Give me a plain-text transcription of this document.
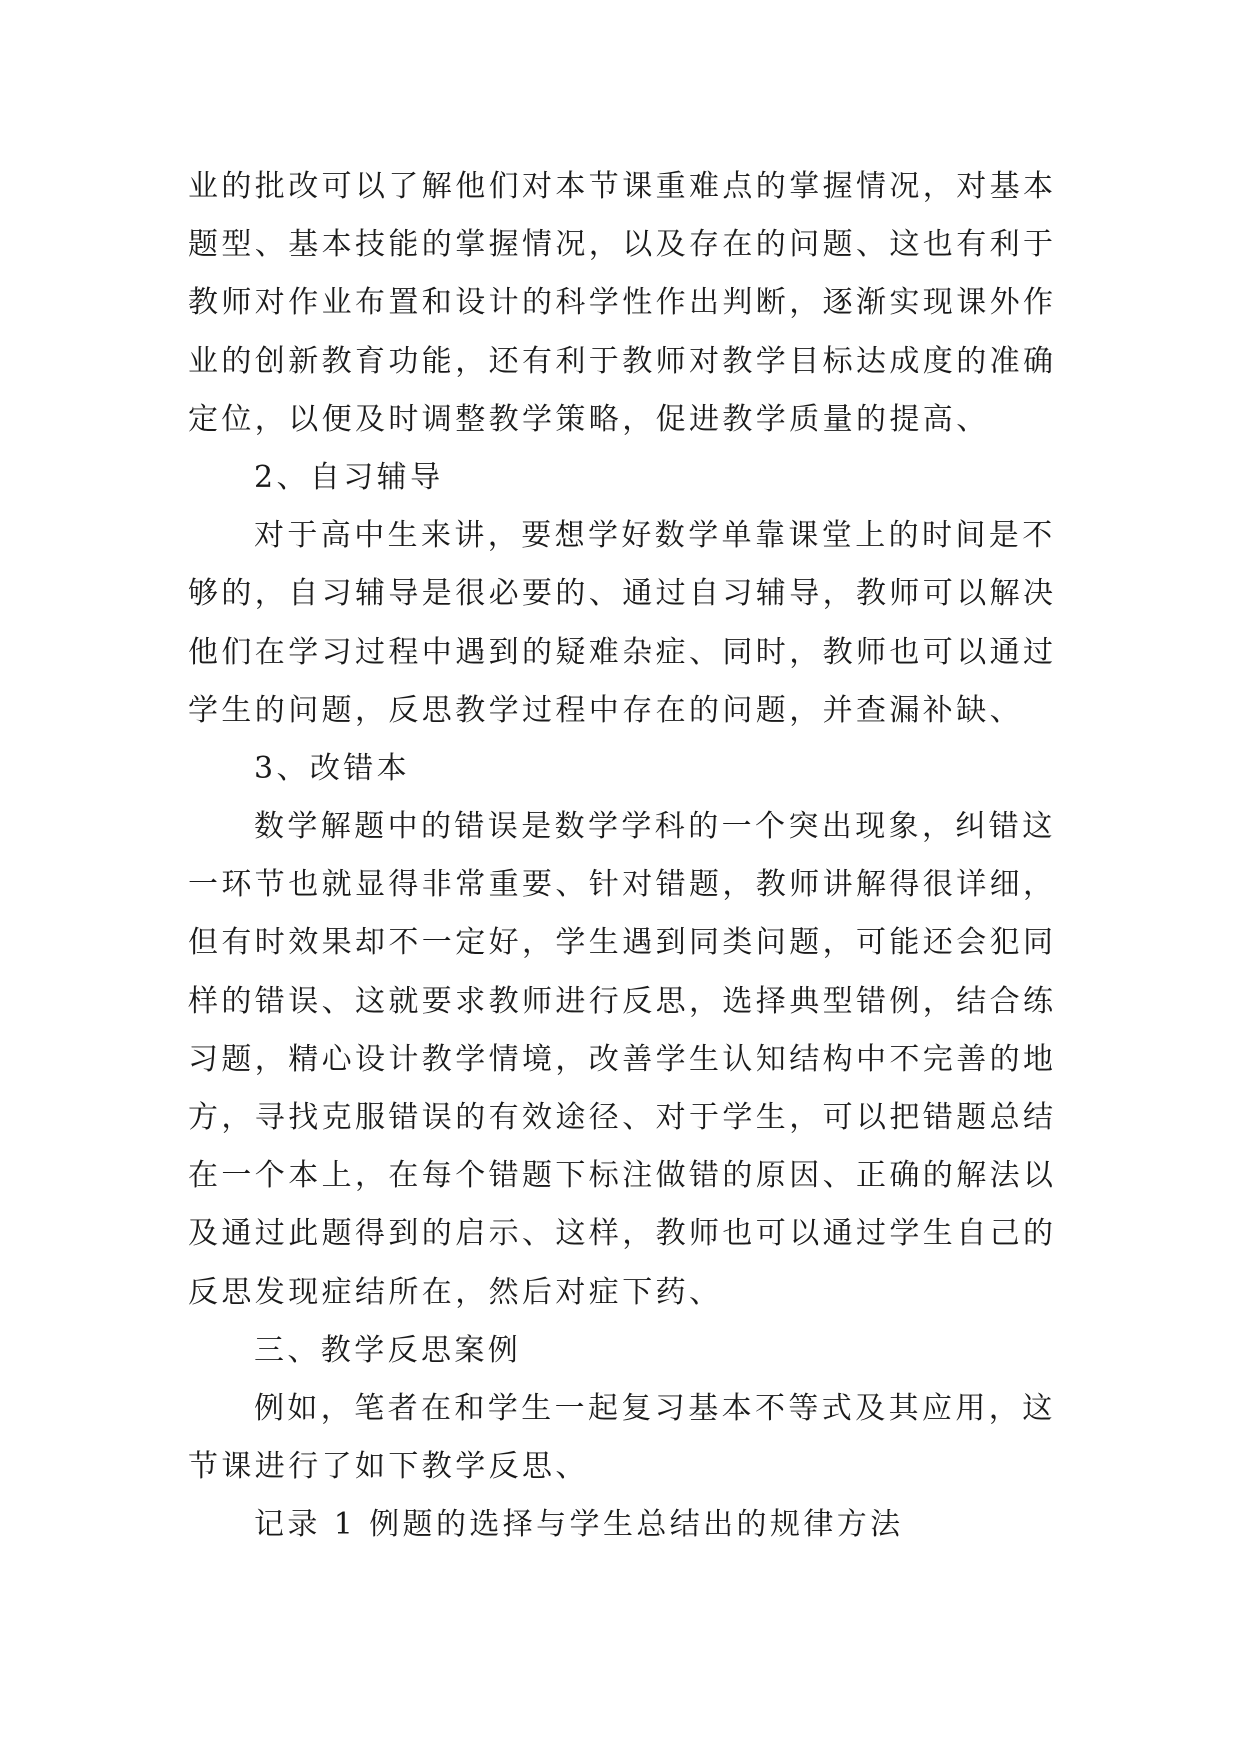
业的批改可以了解他们对本节课重难点的掌握情况，对基本
题型、基本技能的掌握情况，以及存在的问题、这也有利于
教师对作业布置和设计的科学性作出判断，逐渐实现课外作
业的创新教育功能，还有利于教师对教学目标达成度的准确
定位，以便及时调整教学策略，促进教学质量的提高、
2、自习辅导
对于高中生来讲，要想学好数学单靠课堂上的时间是不
够的，自习辅导是很必要的、通过自习辅导，教师可以解决
他们在学习过程中遇到的疑难杂症、同时，教师也可以通过
学生的问题，反思教学过程中存在的问题，并查漏补缺、
3、改错本
数学解题中的错误是数学学科的一个突出现象，纠错这
一环节也就显得非常重要、针对错题，教师讲解得很详细，
但有时效果却不一定好，学生遇到同类问题，可能还会犯同
样的错误、这就要求教师进行反思，选择典型错例，结合练
习题，精心设计教学情境，改善学生认知结构中不完善的地
方，寻找克服错误的有效途径、对于学生，可以把错题总结
在一个本上，在每个错题下标注做错的原因、正确的解法以
及通过此题得到的启示、这样，教师也可以通过学生自己的
反思发现症结所在，然后对症下药、
三、教学反思案例
例如，笔者在和学生一起复习基本不等式及其应用，这
节课进行了如下教学反思、
记录 1 例题的选择与学生总结出的规律方法
